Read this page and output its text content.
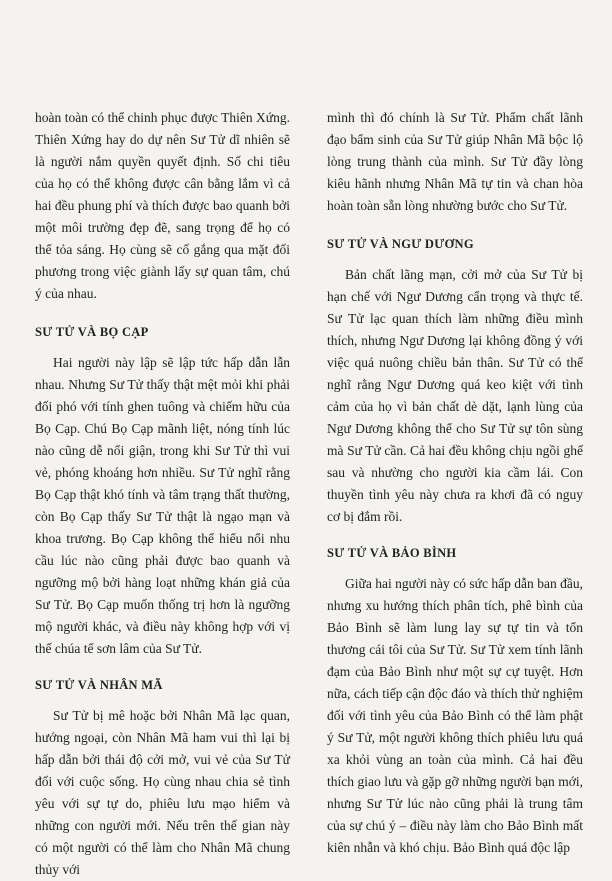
hoàn toàn có thể chinh phục được Thiên Xứng. Thiên Xứng hay do dự nên Sư Tử dĩ nhiên sẽ là người nắm quyền quyết định. Số chi tiêu của họ có thể không được cân bằng lắm vì cả hai đều phung phí và thích được bao quanh bởi một môi trường đẹp đẽ, sang trọng để họ có thể tỏa sáng. Họ cùng sẽ cố gắng qua mặt đối phương trong việc giành lấy sự quan tâm, chú ý của nhau.

SƯ TỬ VÀ BỌ CẠP

Hai người này lập sẽ lập tức hấp dẫn lẫn nhau. Nhưng Sư Tử thấy thật mệt mỏi khi phải đối phó với tính ghen tuông và chiếm hữu của Bọ Cạp. Chú Bọ Cạp mãnh liệt, nóng tính lúc nào cũng dễ nổi giận, trong khi Sư Tử thì vui vẻ, phóng khoáng hơn nhiều. Sư Tử nghĩ rằng Bọ Cạp thật khó tính và tâm trạng thất thường, còn Bọ Cạp thấy Sư Tử thật là ngạo mạn và khoa trương. Bọ Cạp không thể hiểu nổi nhu cầu lúc nào cũng phải được bao quanh và ngưỡng mộ bởi hàng loạt những khán giả của Sư Tử. Bọ Cạp muốn thống trị hơn là ngưỡng mộ người khác, và điều này không hợp với vị thế chúa tể sơn lâm của Sư Tử.

SƯ TỬ VÀ NHÂN MÃ

Sư Tử bị mê hoặc bởi Nhân Mã lạc quan, hướng ngoại, còn Nhân Mã ham vui thì lại bị hấp dẫn bởi thái độ cởi mở, vui vẻ của Sư Tử đối với cuộc sống. Họ cùng nhau chia sẻ tình yêu với sự tự do, phiêu lưu mạo hiểm và những con người mới. Nếu trên thế gian này có một người có thể làm cho Nhân Mã chung thủy với

mình thì đó chính là Sư Tử. Phẩm chất lãnh đạo bẩm sinh của Sư Tử giúp Nhân Mã bộc lộ lòng trung thành của mình. Sư Tử đầy lòng kiêu hãnh nhưng Nhân Mã tự tin và chan hòa hoàn toàn sẵn lòng nhường bước cho Sư Tử.

SƯ TỬ VÀ NGƯ DƯƠNG

Bản chất lãng mạn, cởi mở của Sư Tử bị hạn chế với Ngư Dương cẩn trọng và thực tế. Sư Tử lạc quan thích làm những điều mình thích, nhưng Ngư Dương lại không đồng ý với việc quá nuông chiều bản thân. Sư Tử có thể nghĩ rằng Ngư Dương quá keo kiệt với tình cảm của họ vì bản chất dè dặt, lạnh lùng của Ngư Dương không thể cho Sư Tử sự tôn sùng mà Sư Tử cần. Cả hai đều không chịu ngồi ghế sau và nhường cho người kia cầm lái. Con thuyền tình yêu này chưa ra khơi đã có nguy cơ bị đắm rồi.

SƯ TỬ VÀ BẢO BÌNH

Giữa hai người này có sức hấp dẫn ban đầu, nhưng xu hướng thích phân tích, phê bình của Bảo Bình sẽ làm lung lay sự tự tin và tổn thương cái tôi của Sư Tử. Sư Tử xem tính lãnh đạm của Bảo Bình như một sự cự tuyệt. Hơn nữa, cách tiếp cận độc đáo và thích thử nghiệm đối với tình yêu của Bảo Bình có thể làm phật ý Sư Tử, một người không thích phiêu lưu quá xa khỏi vùng an toàn của mình. Cả hai đều thích giao lưu và gặp gỡ những người bạn mới, nhưng Sư Tử lúc nào cũng phải là trung tâm của sự chú ý – điều này làm cho Bảo Bình mất kiên nhẫn và khó chịu. Bảo Bình quá độc lập
